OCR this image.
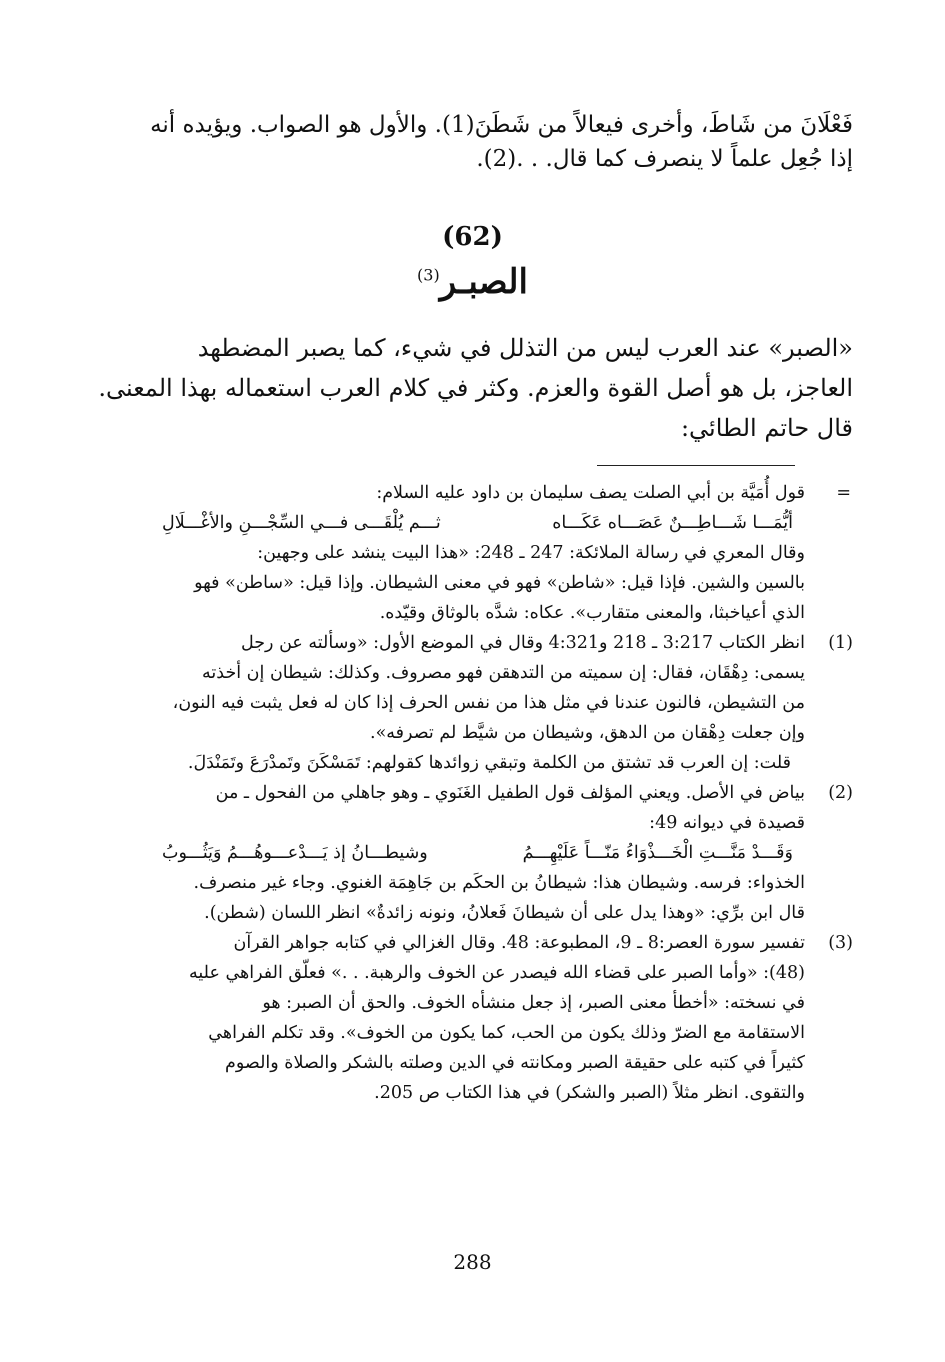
فَعْلَانَ من شَاطَ، وأخرى فيعالاً من شَطَنَ(1). والأول هو الصواب. ويؤيده أنه
إذا جُعِل علماً لا ينصرف كما قال. . .(2).
(62)
الصبـر$^{(3)}$
«الصبر» عند العرب ليس من التذلل في شيء، كما يصبر المضطهد
العاجز، بل هو أصل القوة والعزم. وكثر في كلام العرب استعماله بهذا المعنى.
قال حاتم الطائي:
=
قول أُمَيَّة بن أبي الصلت يصف سليمان بن داود عليه السلام:
أيُّمَـــا شَـــاطِـــنٌ عَصَـــاه عَكَـــاه
ثـــم يُلْقَـــى فـــي السِّجْـــنِ والأغْـــلَالِ
وقال المعري في رسالة الملائكة: 247 ـ 248: «هذا البيت ينشد على وجهين:
بالسين والشين. فإذا قيل: «شاطن» فهو في معنى الشيطان. وإذا قيل: «ساطن» فهو
الذي أعياخبثا، والمعنى متقارب». عكاه: شدَّه بالوثاق وقيّده.
(1)
انظر الكتاب 3:217 ـ 218 و4:321 وقال في الموضع الأول: «وسألته عن رجل
يسمى: دِهْقَان، فقال: إن سميته من التدهقن فهو مصروف. وكذلك: شيطان إن أخذته
من التشيطن، فالنون عندنا في مثل هذا من نفس الحرف إذا كان له فعل يثبت فيه النون،
وإن جعلت دِهْقان من الدهق، وشيطان من شيَّط لم تصرفه».
قلت: إن العرب قد تشتق من الكلمة وتبقي زوائدها كقولهم: تَمَسْكَنَ وتَمدْرَعَ وتَمَنْدَلَ.
(2)
بياض في الأصل. ويعني المؤلف قول الطفيل الغَنَوي ـ وهو جاهلي من الفحول ـ من
قصيدة في ديوانه 49:
وَقَـــدْ مَنَّـــتِ الْخَـــذْوَاءُ مَنّـــاً عَلَيْهِـــمُ
وشيطـــانُ إذ يَـــدْعـــوهُـــمُ وَيَثُـــوبُ
الخذواء: فرسه. وشيطان هذا: شيطانُ بن الحكَم بن جَاهِمَة الغنوي. وجاء غير منصرف.
قال ابن برِّي: «وهذا يدل على أن شيطانَ فَعلانُ، ونونه زائدةٌ» انظر اللسان (شطن).
(3)
تفسير سورة العصر:8 ـ 9، المطبوعة: 48. وقال الغزالي في كتابه جواهر القرآن
(48): «وأما الصبر على قضاء الله فيصدر عن الخوف والرهبة. . .» فعلّق الفراهي عليه
في نسخته: «أخطأ معنى الصبر، إذ جعل منشأه الخوف. والحق أن الصبر: هو
الاستقامة مع الضرّ وذلك يكون من الحب، كما يكون من الخوف». وقد تكلم الفراهي
كثيراً في كتبه على حقيقة الصبر ومكانته في الدين وصلته بالشكر والصلاة والصوم
والتقوى. انظر مثلاً (الصبر والشكر) في هذا الكتاب ص 205.
288
